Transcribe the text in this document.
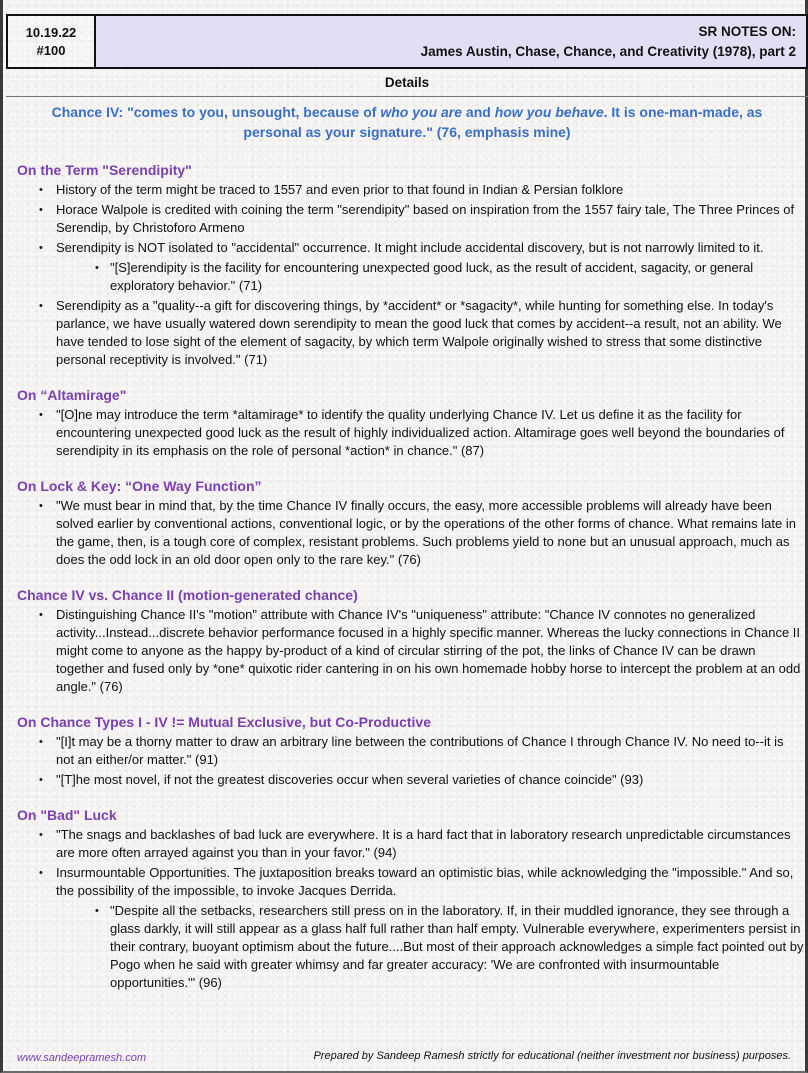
10.19.22
#100
SR NOTES ON:
James Austin, Chase, Chance, and Creativity (1978), part 2
Details
Chance IV: "comes to you, unsought, because of who you are and how you behave. It is one-man-made, as personal as your signature." (76, emphasis mine)
On the Term "Serendipity"
• History of the term might be traced to 1557 and even prior to that found in Indian & Persian folklore
• Horace Walpole is credited with coining the term "serendipity" based on inspiration from the 1557 fairy tale, The Three Princes of Serendip, by Christoforo Armeno
• Serendipity is NOT isolated to "accidental" occurrence. It might include accidental discovery, but is not narrowly limited to it.
• "[S]erendipity is the facility for encountering unexpected good luck, as the result of accident, sagacity, or general exploratory behavior." (71)
• Serendipity as a "quality--a gift for discovering things, by *accident* or *sagacity*, while hunting for something else. In today's parlance, we have usually watered down serendipity to mean the good luck that comes by accident--a result, not an ability. We have tended to lose sight of the element of sagacity, by which term Walpole originally wished to stress that some distinctive personal receptivity is involved." (71)
On “Altamirage"
• "[O]ne may introduce the term *altamirage* to identify the quality underlying Chance IV. Let us define it as the facility for encountering unexpected good luck as the result of highly individualized action. Altamirage goes well beyond the boundaries of serendipity in its emphasis on the role of personal *action* in chance." (87)
On Lock & Key: “One Way Function”
• "We must bear in mind that, by the time Chance IV finally occurs, the easy, more accessible problems will already have been solved earlier by conventional actions, conventional logic, or by the operations of the other forms of chance. What remains late in the game, then, is a tough core of complex, resistant problems. Such problems yield to none but an unusual approach, much as does the odd lock in an old door open only to the rare key." (76)
Chance IV vs. Chance II (motion-generated chance)
• Distinguishing Chance II's "motion" attribute with Chance IV's "uniqueness" attribute: "Chance IV connotes no generalized activity...Instead...discrete behavior performance focused in a highly specific manner. Whereas the lucky connections in Chance II might come to anyone as the happy by-product of a kind of circular stirring of the pot, the links of Chance IV can be drawn together and fused only by *one* quixotic rider cantering in on his own homemade hobby horse to intercept the problem at an odd angle." (76)
On Chance Types I - IV != Mutual Exclusive, but Co-Productive
• "[I]t may be a thorny matter to draw an arbitrary line between the contributions of Chance I through Chance IV. No need to--it is not an either/or matter." (91)
• "[T]he most novel, if not the greatest discoveries occur when several varieties of chance coincide" (93)
On "Bad" Luck
• "The snags and backlashes of bad luck are everywhere. It is a hard fact that in laboratory research unpredictable circumstances are more often arrayed against you than in your favor." (94)
• Insurmountable Opportunities. The juxtaposition breaks toward an optimistic bias, while acknowledging the "impossible." And so, the possibility of the impossible, to invoke Jacques Derrida.
• "Despite all the setbacks, researchers still press on in the laboratory. If, in their muddled ignorance, they see through a glass darkly, it will still appear as a glass half full rather than half empty. Vulnerable everywhere, experimenters persist in their contrary, buoyant optimism about the future....But most of their approach acknowledges a simple fact pointed out by Pogo when he said with greater whimsy and far greater accuracy: 'We are confronted with insurmountable opportunities.'" (96)
www.sandeepramesh.com	Prepared by Sandeep Ramesh strictly for educational (neither investment nor business) purposes.
